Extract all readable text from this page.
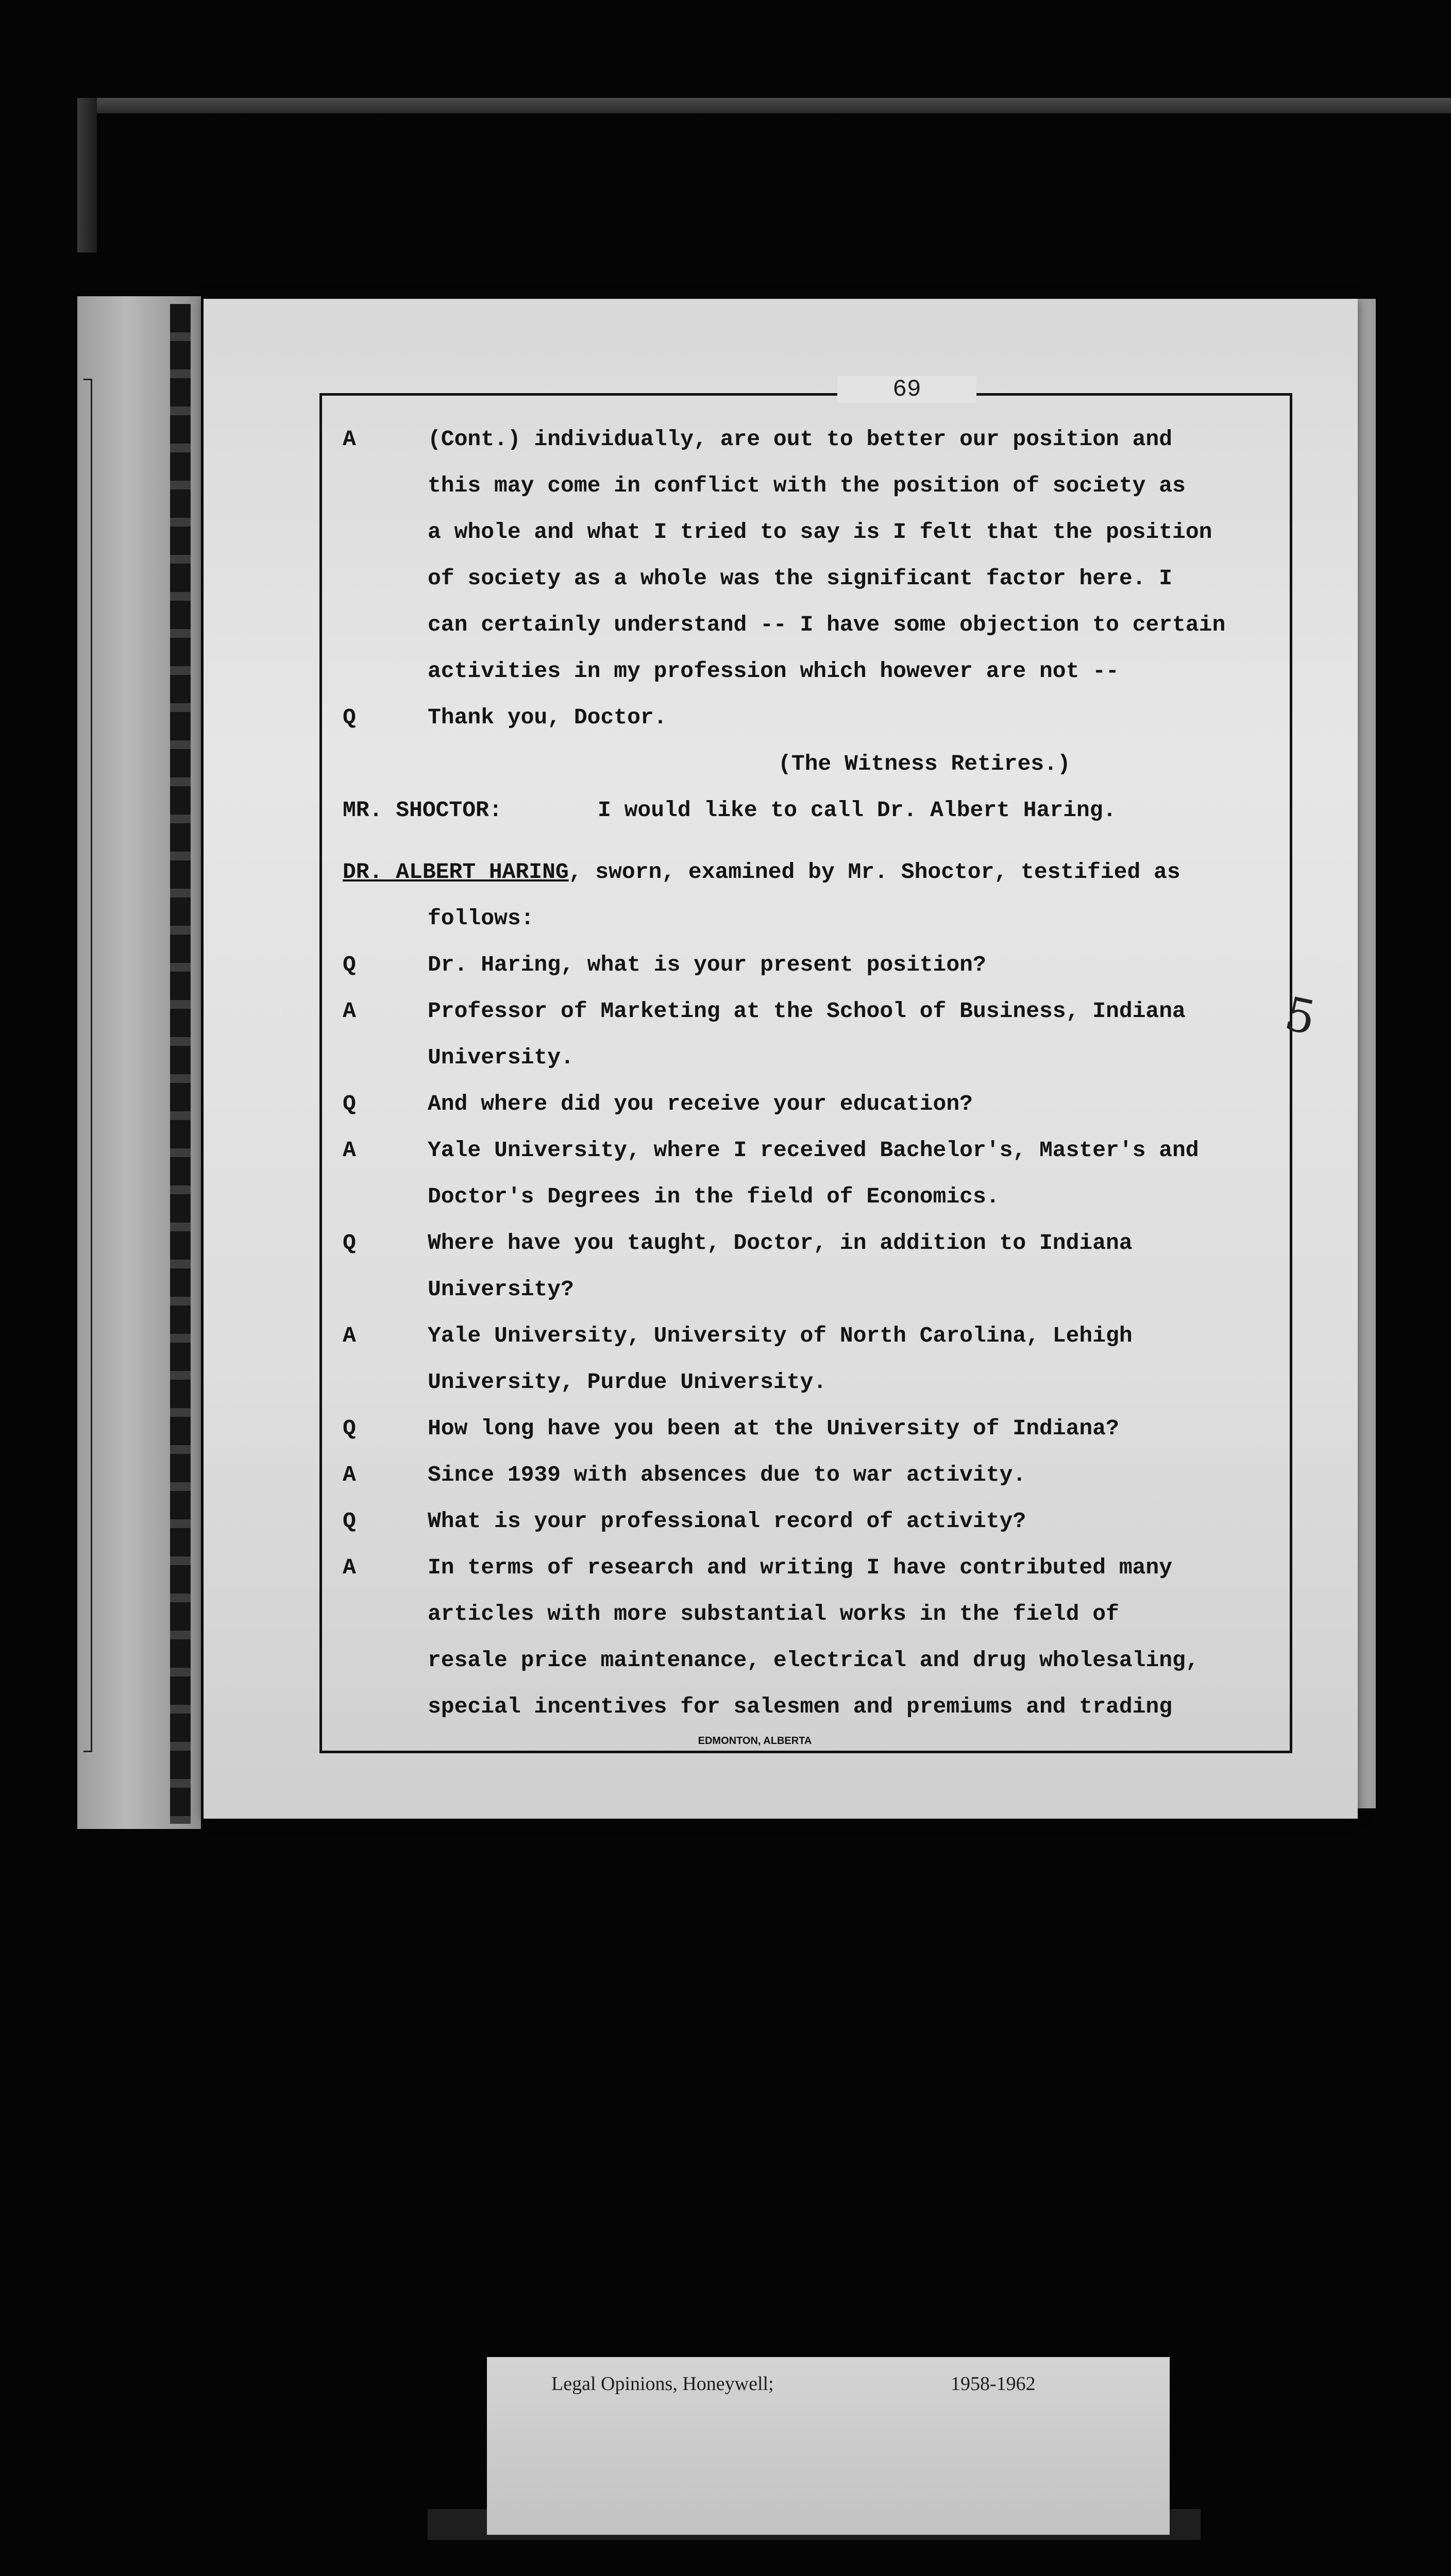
69
A	(Cont.) individually, are out to better our position and
this may come in conflict with the position of society as
a whole and what I tried to say is I felt that the position
of society as a whole was the significant factor here. I
can certainly understand -- I have some objection to certain
activities in my profession which however are not --
Q	Thank you, Doctor.
(The Witness Retires.)
MR. SHOCTOR:	I would like to call Dr. Albert Haring.
DR. ALBERT HARING, sworn, examined by Mr. Shoctor, testified as
follows:
Q	Dr. Haring, what is your present position?
A	Professor of Marketing at the School of Business, Indiana
University.
Q	And where did you receive your education?
A	Yale University, where I received Bachelor's, Master's and
Doctor's Degrees in the field of Economics.
Q	Where have you taught, Doctor, in addition to Indiana
University?
A	Yale University, University of North Carolina, Lehigh
University, Purdue University.
Q	How long have you been at the University of Indiana?
A	Since 1939 with absences due to war activity.
Q	What is your professional record of activity?
A	In terms of research and writing I have contributed many
articles with more substantial works in the field of
resale price maintenance, electrical and drug wholesaling,
special incentives for salesmen and premiums and trading
EDMONTON, ALBERTA
5
Legal Opinions, Honeywell;	1958-1962
